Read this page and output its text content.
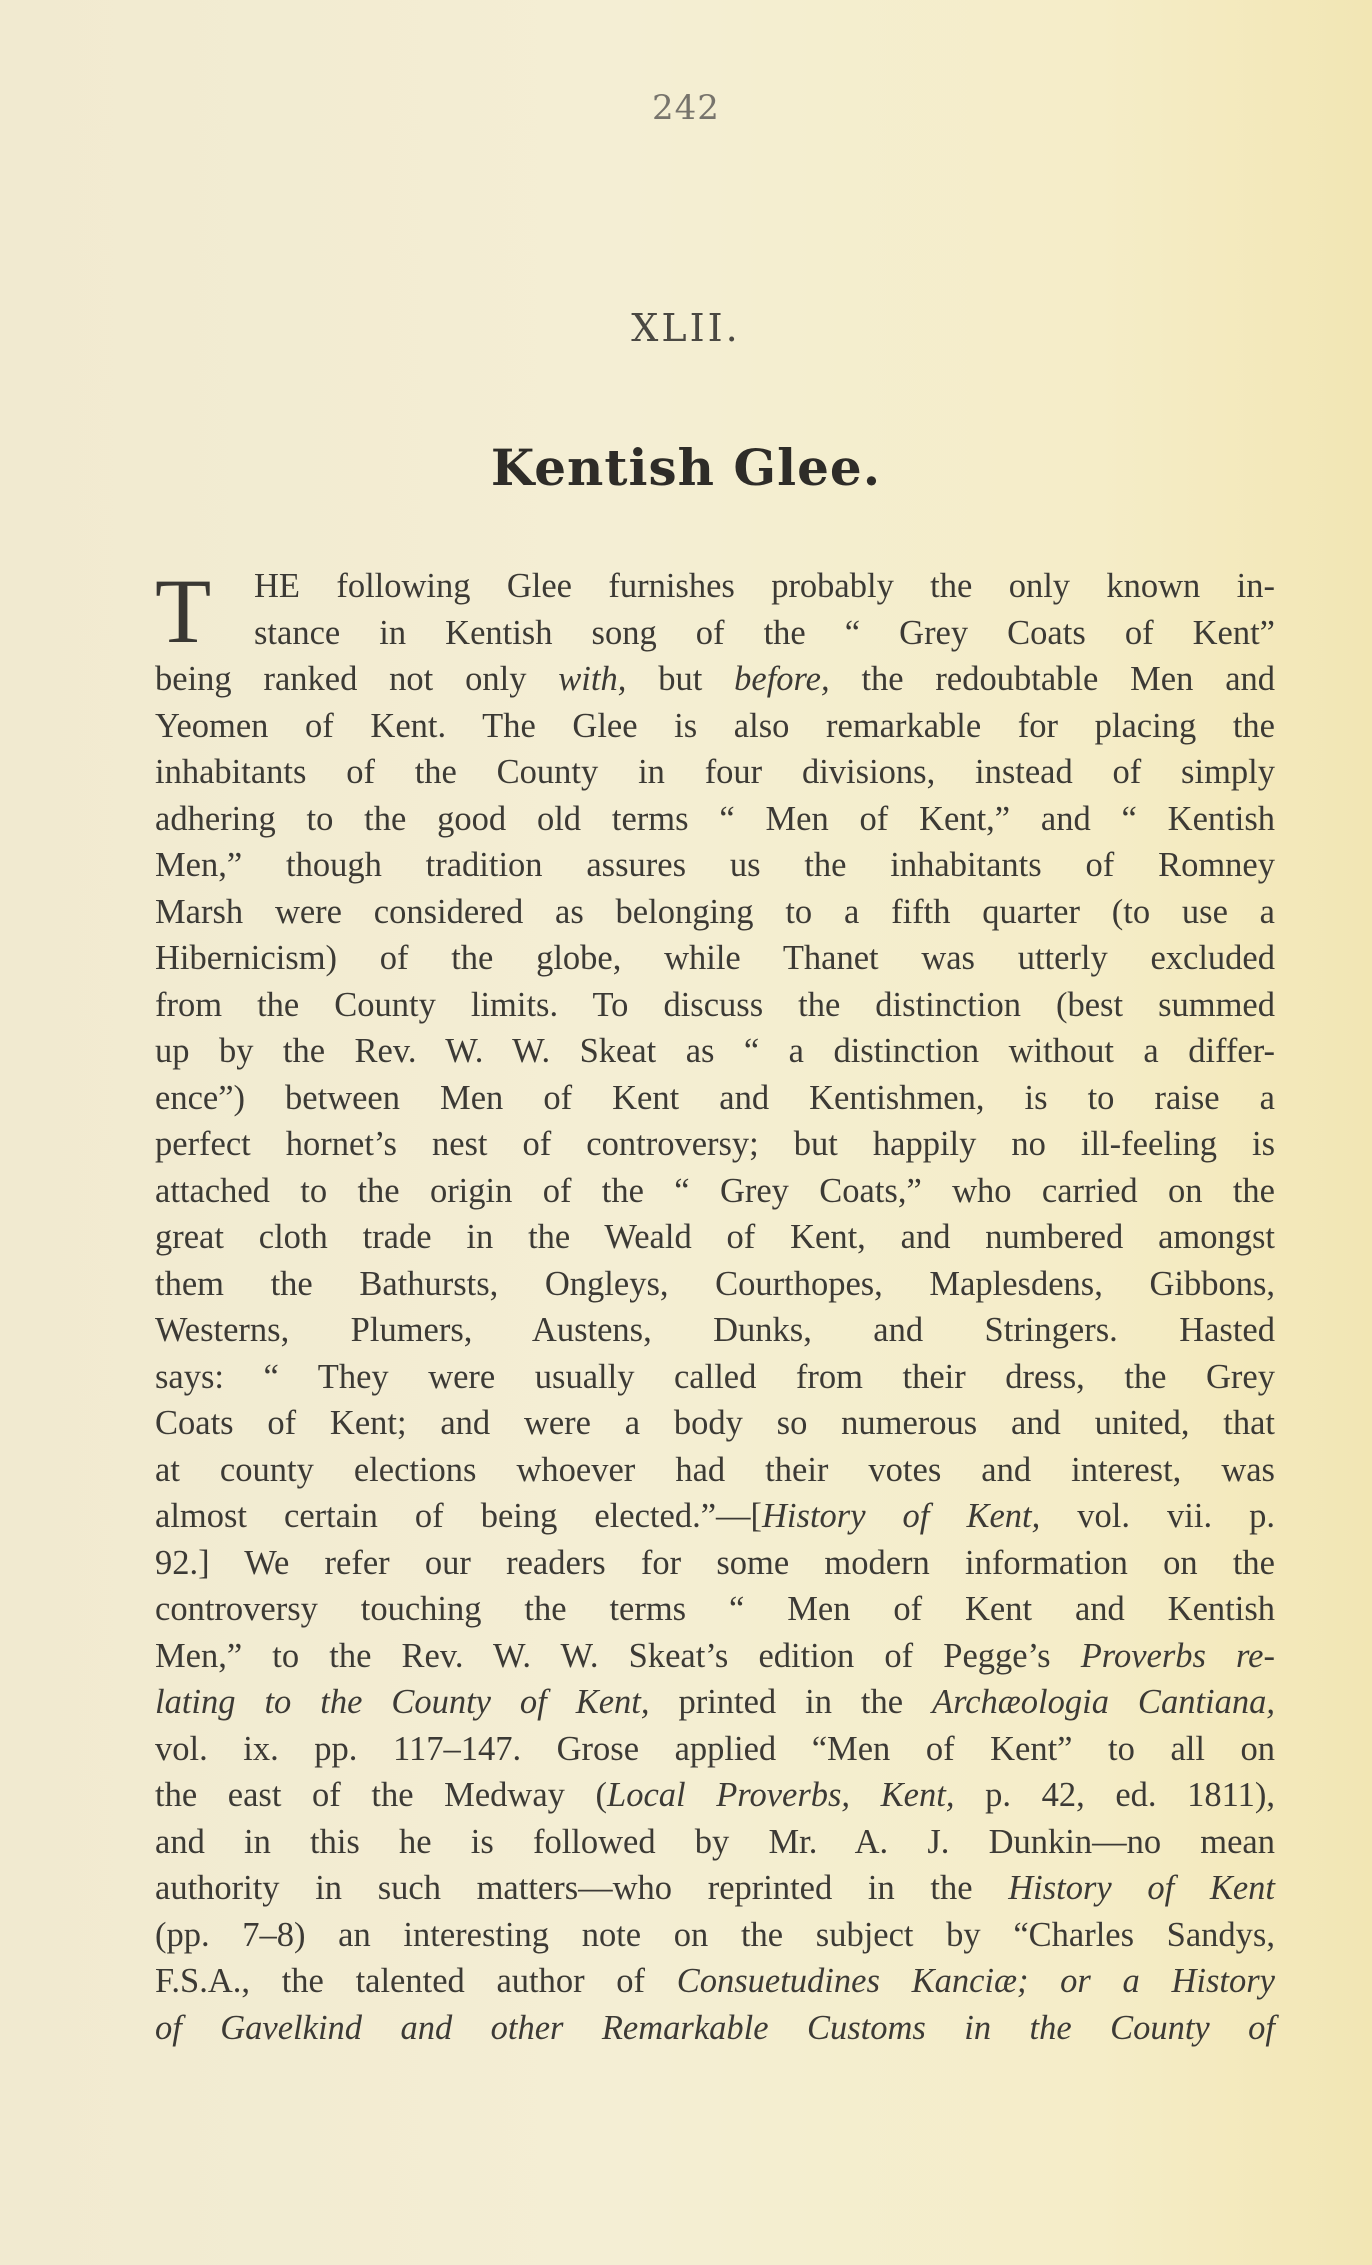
242
XLII.
Kentish Glee.
T	HE following Glee furnishes probably the only known in-
stance in Kentish song of the “ Grey Coats of Kent”
being ranked not only with, but before, the redoubtable Men and
Yeomen of Kent. The Glee is also remarkable for placing the
inhabitants of the County in four divisions, instead of simply
adhering to the good old terms “ Men of Kent,” and “ Kentish
Men,” though tradition assures us the inhabitants of Romney
Marsh were considered as belonging to a fifth quarter (to use a
Hibernicism) of the globe, while Thanet was utterly excluded
from the County limits. To discuss the distinction (best summed
up by the Rev. W. W. Skeat as “ a distinction without a differ-
ence”) between Men of Kent and Kentishmen, is to raise a
perfect hornet’s nest of controversy; but happily no ill-feeling is
attached to the origin of the “ Grey Coats,” who carried on the
great cloth trade in the Weald of Kent, and numbered amongst
them the Bathursts, Ongleys, Courthopes, Maplesdens, Gibbons,
Westerns, Plumers, Austens, Dunks, and Stringers. Hasted
says: “ They were usually called from their dress, the Grey
Coats of Kent; and were a body so numerous and united, that
at county elections whoever had their votes and interest, was
almost certain of being elected.”—[History of Kent, vol. vii. p.
92.] We refer our readers for some modern information on the
controversy touching the terms “ Men of Kent and Kentish
Men,” to the Rev. W. W. Skeat’s edition of Pegge’s Proverbs re-
lating to the County of Kent, printed in the Archæologia Cantiana,
vol. ix. pp. 117–147. Grose applied “Men of Kent” to all on
the east of the Medway (Local Proverbs, Kent, p. 42, ed. 1811),
and in this he is followed by Mr. A. J. Dunkin—no mean
authority in such matters—who reprinted in the History of Kent
(pp. 7–8) an interesting note on the subject by “Charles Sandys,
F.S.A., the talented author of Consuetudines Kanciæ; or a History
of Gavelkind and other Remarkable Customs in the County of
